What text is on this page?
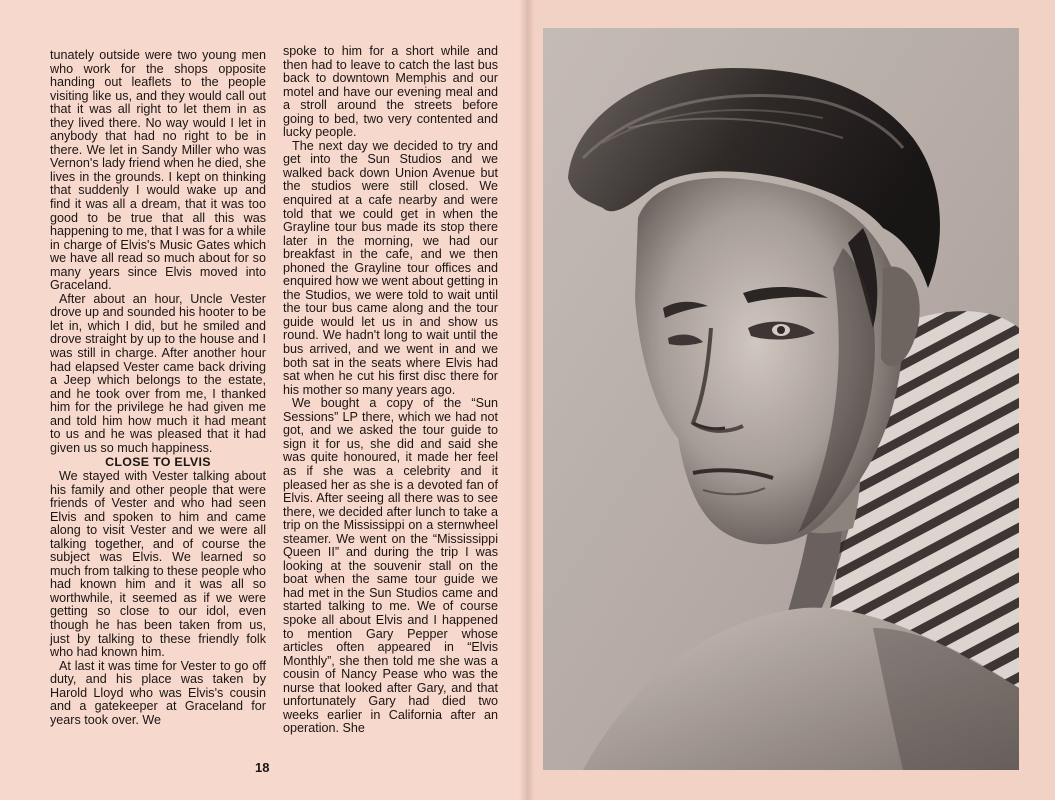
tunately outside were two young men who work for the shops opposite handing out leaflets to the people visiting like us, and they would call out that it was all right to let them in as they lived there. No way would I let in anybody that had no right to be in there. We let in Sandy Miller who was Vernon's lady friend when he died, she lives in the grounds. I kept on thinking that suddenly I would wake up and find it was all a dream, that it was too good to be true that all this was happening to me, that I was for a while in charge of Elvis's Music Gates which we have all read so much about for so many years since Elvis moved into Graceland.

After about an hour, Uncle Vester drove up and sounded his hooter to be let in, which I did, but he smiled and drove straight by up to the house and I was still in charge. After another hour had elapsed Vester came back driving a Jeep which belongs to the estate, and he took over from me, I thanked him for the privilege he had given me and told him how much it had meant to us and he was pleased that it had given us so much happiness.

CLOSE TO ELVIS

We stayed with Vester talking about his family and other people that were friends of Vester and who had seen Elvis and spoken to him and came along to visit Vester and we were all talking together, and of course the subject was Elvis. We learned so much from talking to these people who had known him and it was all so worthwhile, it seemed as if we were getting so close to our idol, even though he has been taken from us, just by talking to these friendly folk who had known him.

At last it was time for Vester to go off duty, and his place was taken by Harold Lloyd who was Elvis's cousin and a gatekeeper at Graceland for years took over. We

spoke to him for a short while and then had to leave to catch the last bus back to downtown Memphis and our motel and have our evening meal and a stroll around the streets before going to bed, two very contented and lucky people.

The next day we decided to try and get into the Sun Studios and we walked back down Union Avenue but the studios were still closed. We enquired at a cafe nearby and were told that we could get in when the Grayline tour bus made its stop there later in the morning, we had our breakfast in the cafe, and we then phoned the Grayline tour offices and enquired how we went about getting in the Studios, we were told to wait until the tour bus came along and the tour guide would let us in and show us round. We hadn't long to wait until the bus arrived, and we went in and we both sat in the seats where Elvis had sat when he cut his first disc there for his mother so many years ago.

We bought a copy of the “Sun Sessions” LP there, which we had not got, and we asked the tour guide to sign it for us, she did and said she was quite honoured, it made her feel as if she was a celebrity and it pleased her as she is a devoted fan of Elvis. After seeing all there was to see there, we decided after lunch to take a trip on the Mississippi on a sternwheel steamer. We went on the “Mississippi Queen II” and during the trip I was looking at the souvenir stall on the boat when the same tour guide we had met in the Sun Studios came and started talking to me. We of course spoke all about Elvis and I happened to mention Gary Pepper whose articles often appeared in “Elvis Monthly”, she then told me she was a cousin of Nancy Pease who was the nurse that looked after Gary, and that unfortunately Gary had died two weeks earlier in California after an operation. She

18
